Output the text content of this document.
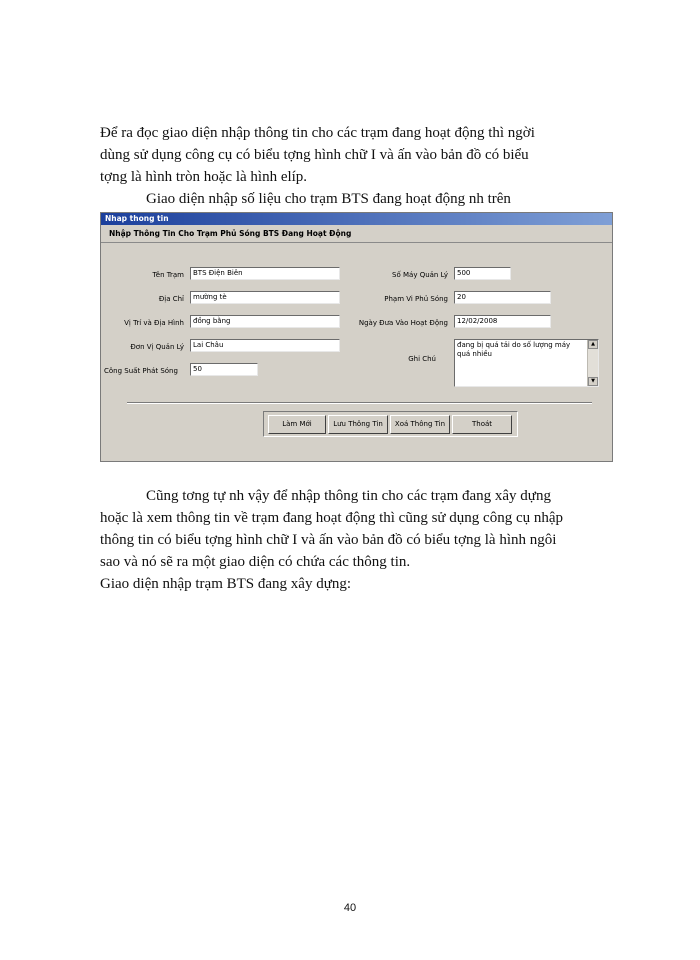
Để ra đọc giao diện nhập thông tin cho các trạm đang hoạt động thì ngời
dùng sử dụng công cụ có biểu tợng hình chữ I và ấn vào bản đồ có biểu
tợng là hình tròn hoặc là hình elíp.
Giao diện nhập số liệu cho trạm BTS đang hoạt động nh trên
Nhap thong tin
Nhập Thông Tin Cho Trạm Phủ Sóng BTS Đang Hoạt Động
Tên Trạm	BTS Điện Biên
Địa Chỉ	mường tè
Vị Trí và Địa Hình	đồng bằng
Đơn Vị Quản Lý	Lai Châu
Công Suất Phát Sóng	50
Số Máy Quản Lý	500
Phạm Vi Phủ Sóng	20
Ngày Đưa Vào Hoạt Động	12/02/2008
Ghi Chú
đang bị quá tải do số lượng máy quá nhiều
▲
▼
Làm Mới	Lưu Thông Tin	Xoá Thông Tin	Thoát
Cũng tơng tự nh vậy để nhập thông tin cho các trạm đang xây dựng
hoặc là xem thông tin về trạm đang hoạt động thì cũng sử dụng công cụ nhập
thông tin có biểu tợng hình chữ I và ấn vào bản đồ có biểu tợng là hình ngôi
sao và nó sẽ ra một giao diện có chứa các thông tin.
Giao diện nhập trạm BTS đang xây dựng:
40
